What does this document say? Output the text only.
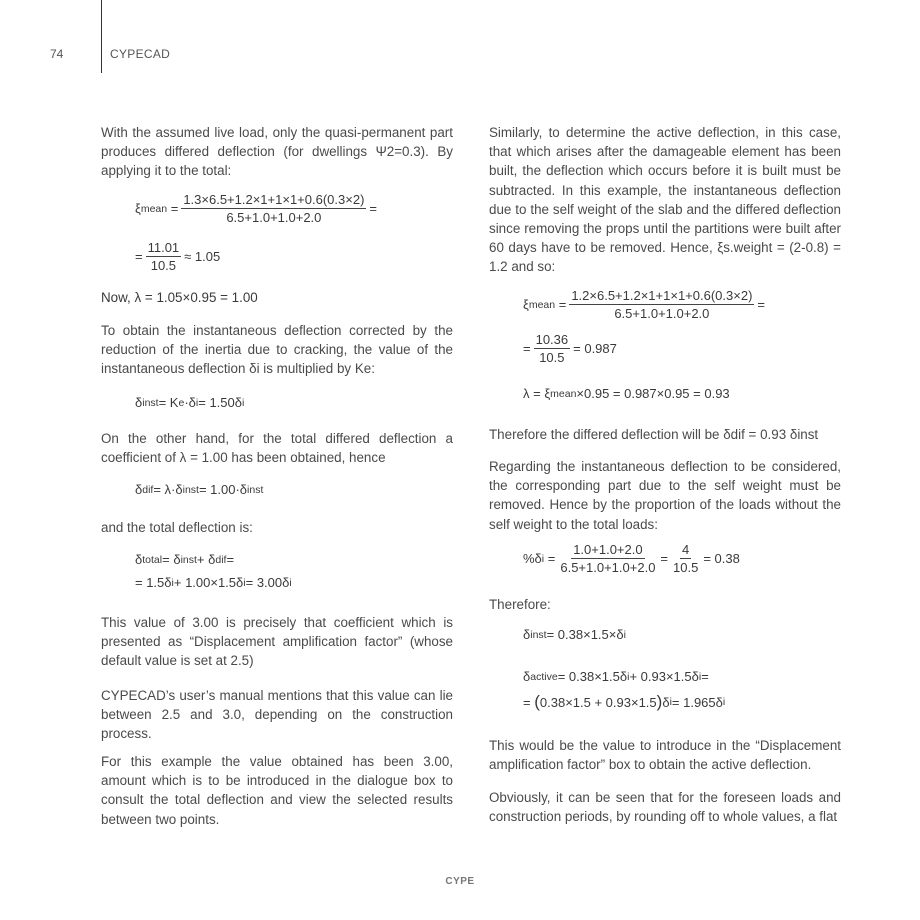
74	CYPECAD

With the assumed live load, only the quasi-permanent part produces differed deflection (for dwellings Ψ2=0.3). By applying it to the total:

ξ mean = $\frac{1.3\times 6.5+1.2\times 1+1\times 1+0.6(0.3\times 2)}{6.5+1.0+1.0+2.0}$ =
= $\frac{11.01}{10.5} \approx 1.05$
Now, λ = 1.05×0.95 = 1.00

To obtain the instantaneous deflection corrected by the reduction of the inertia due to cracking, the value of the instantaneous deflection δi is multiplied by Ke:

δ inst = K e ·δ i = 1.50δ i

On the other hand, for the total differed deflection a coefficient of λ = 1.00 has been obtained, hence

δ dif = λ·δ inst = 1.00·δ inst

and the total deflection is:

δ total = δ inst + δ dif =
= 1.5δ i + 1.00×1.5δ i = 3.00δ i

This value of 3.00 is precisely that coefficient which is presented as “Displacement amplification factor” (whose default value is set at 2.5)

CYPECAD’s user’s manual mentions that this value can lie between 2.5 and 3.0, depending on the construction process.

For this example the value obtained has been 3.00, amount which is to be introduced in the dialogue box to consult the total deflection and view the selected results between two points.

Similarly, to determine the active deflection, in this case, that which arises after the damageable element has been built, the deflection which occurs before it is built must be subtracted. In this example, the instantaneous deflection due to the self weight of the slab and the differed deflection since removing the props until the partitions were built after 60 days have to be removed. Hence, ξs.weight = (2-0.8) = 1.2 and so:

ξ mean = $\frac{1.2\times 6.5+1.2\times 1+1\times 1+0.6(0.3\times 2)}{6.5+1.0+1.0+2.0}$ =
= $\frac{10.36}{10.5} = 0.987$
λ = ξ mean ×0.95 = 0.987×0.95 = 0.93

Therefore the differed deflection will be δdif = 0.93 δinst

Regarding the instantaneous deflection to be considered, the corresponding part due to the self weight must be removed. Hence by the proportion of the loads without the self weight to the total loads:

%δ i
= $\frac{1.0+1.0+2.0}{6.5+1.0+1.0+2.0} = \frac{4}{10.5} = 0.38$

Therefore:

δ inst = 0.38×1.5×δ i
δ active = 0.38×1.5δ i + 0.93×1.5δ i =
=
( 0.38×1.5 + 0.93×1.5 ) δ i = 1.965δ i

This would be the value to introduce in the “Displacement amplification factor” box to obtain the active deflection.

Obviously, it can be seen that for the foreseen loads and construction periods, by rounding off to whole values, a flat

CYPE
